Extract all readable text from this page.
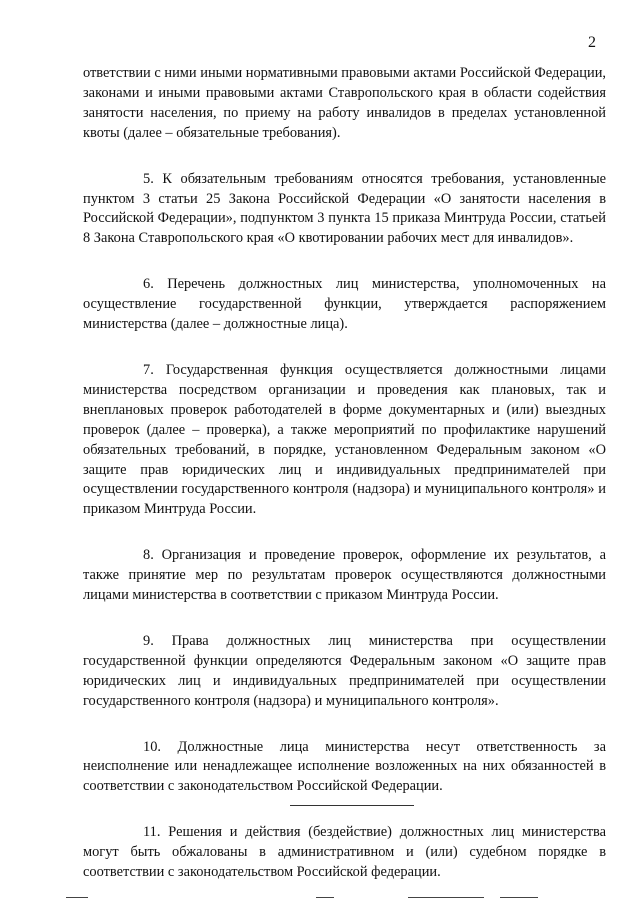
2

ответствии с ними иными нормативными правовыми актами Российской Федерации, законами и иными правовыми актами Ставропольского края в области содействия занятости населения, по приему на работу инвалидов в пределах установленной квоты (далее – обязательные требования).

5. К обязательным требованиям относятся требования, установленные пунктом 3 статьи 25 Закона Российской Федерации «О занятости населения в Российской Федерации», подпунктом 3 пункта 15 приказа Минтруда России, статьей 8 Закона Ставропольского края «О квотировании рабочих мест для инвалидов».

6. Перечень должностных лиц министерства, уполномоченных на осуществление государственной функции, утверждается распоряжением министерства (далее – должностные лица).

7. Государственная функция осуществляется должностными лицами министерства посредством организации и проведения как плановых, так и внеплановых проверок работодателей в форме документарных и (или) выездных проверок (далее – проверка), а также мероприятий по профилактике нарушений обязательных требований, в порядке, установленном Федеральным законом «О защите прав юридических лиц и индивидуальных предпринимателей при осуществлении государственного контроля (надзора) и муниципального контроля» и приказом Минтруда России.

8. Организация и проведение проверок, оформление их результатов, а также принятие мер по результатам проверок осуществляются должностными лицами министерства в соответствии с приказом Минтруда России.

9. Права должностных лиц министерства при осуществлении государственной функции определяются Федеральным законом «О защите прав юридических лиц и индивидуальных предпринимателей при осуществлении государственного контроля (надзора) и муниципального контроля».

10. Должностные лица министерства несут ответственность за неисполнение или ненадлежащее исполнение возложенных на них обязанностей в соответствии с законодательством Российской Федерации.

11. Решения и действия (бездействие) должностных лиц министерства могут быть обжалованы в административном и (или) судебном порядке в соответствии с законодательством Российской федерации.
